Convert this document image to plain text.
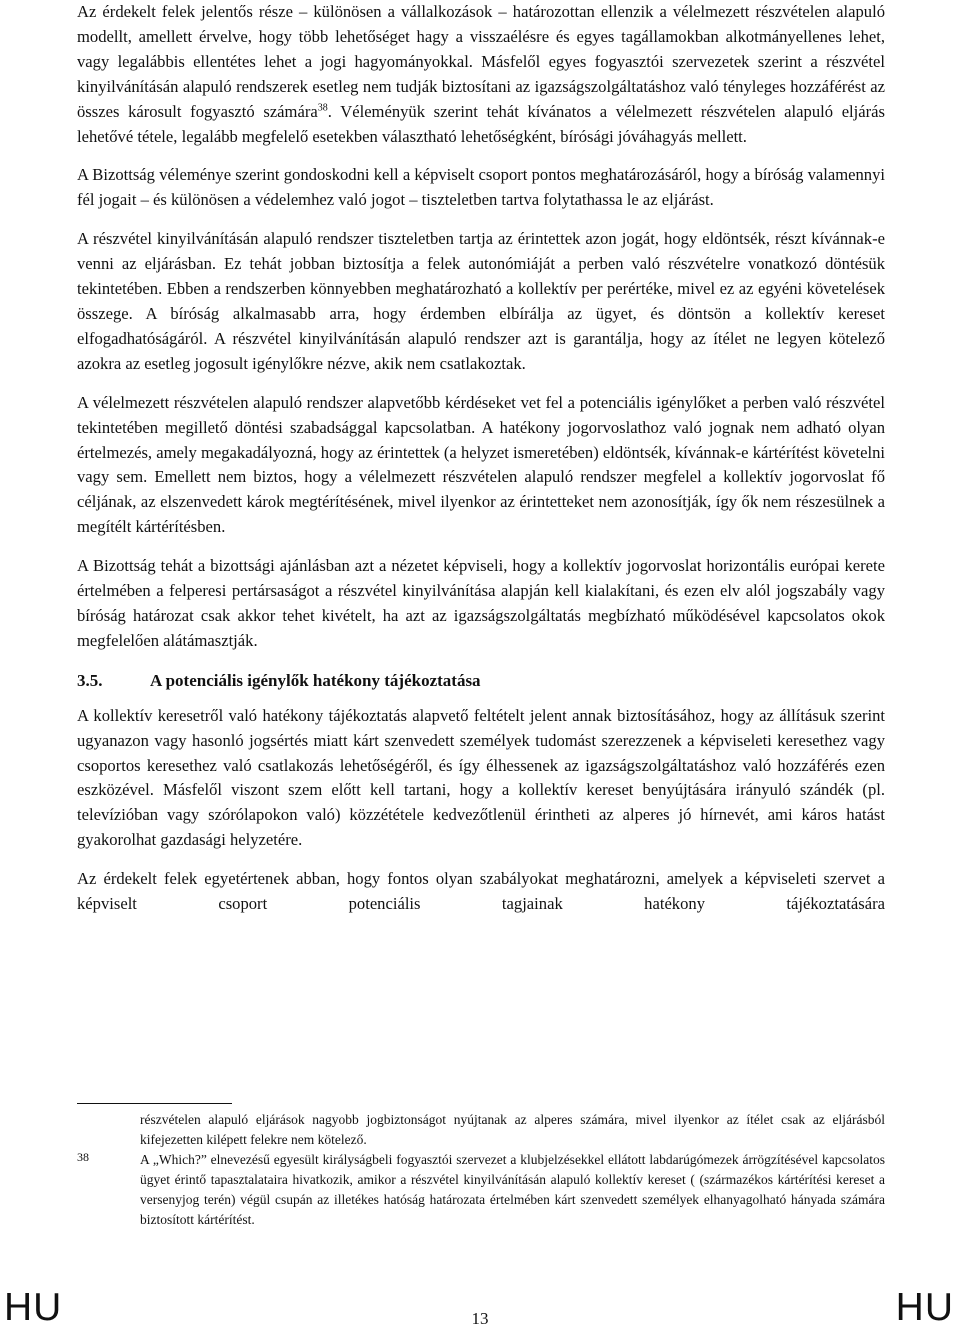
Az érdekelt felek jelentős része – különösen a vállalkozások – határozottan ellenzik a vélelmezett részvételen alapuló modellt, amellett érvelve, hogy több lehetőséget hagy a visszaélésre és egyes tagállamokban alkotmányellenes lehet, vagy legalábbis ellentétes lehet a jogi hagyományokkal. Másfelől egyes fogyasztói szervezetek szerint a részvétel kinyilvánításán alapuló rendszerek esetleg nem tudják biztosítani az igazságszolgáltatáshoz való tényleges hozzáférést az összes károsult fogyasztó számára$^{38}$. Véleményük szerint tehát kívánatos a vélelmezett részvételen alapuló eljárás lehetővé tétele, legalább megfelelő esetekben választható lehetőségként, bírósági jóváhagyás mellett.

A Bizottság véleménye szerint gondoskodni kell a képviselt csoport pontos meghatározásáról, hogy a bíróság valamennyi fél jogait – és különösen a védelemhez való jogot – tiszteletben tartva folytathassa le az eljárást.

A részvétel kinyilvánításán alapuló rendszer tiszteletben tartja az érintettek azon jogát, hogy eldöntsék, részt kívánnak-e venni az eljárásban. Ez tehát jobban biztosítja a felek autonómiáját a perben való részvételre vonatkozó döntésük tekintetében. Ebben a rendszerben könnyebben meghatározható a kollektív per perértéke, mivel ez az egyéni követelések összege. A bíróság alkalmasabb arra, hogy érdemben elbírálja az ügyet, és döntsön a kollektív kereset elfogadhatóságáról. A részvétel kinyilvánításán alapuló rendszer azt is garantálja, hogy az ítélet ne legyen kötelező azokra az esetleg jogosult igénylőkre nézve, akik nem csatlakoztak.

A vélelmezett részvételen alapuló rendszer alapvetőbb kérdéseket vet fel a potenciális igénylőket a perben való részvétel tekintetében megillető döntési szabadsággal kapcsolatban. A hatékony jogorvoslathoz való jognak nem adható olyan értelmezés, amely megakadályozná, hogy az érintettek (a helyzet ismeretében) eldöntsék, kívánnak-e kártérítést követelni vagy sem. Emellett nem biztos, hogy a vélelmezett részvételen alapuló rendszer megfelel a kollektív jogorvoslat fő céljának, az elszenvedett károk megtérítésének, mivel ilyenkor az érintetteket nem azonosítják, így ők nem részesülnek a megítélt kártérítésben.

A Bizottság tehát a bizottsági ajánlásban azt a nézetet képviseli, hogy a kollektív jogorvoslat horizontális európai kerete értelmében a felperesi pertársaságot a részvétel kinyilvánítása alapján kell kialakítani, és ezen elv alól jogszabály vagy bíróság határozat csak akkor tehet kivételt, ha azt az igazságszolgáltatás megbízható működésével kapcsolatos okok megfelelően alátámasztják.

3.5.	A potenciális igénylők hatékony tájékoztatása

A kollektív keresetről való hatékony tájékoztatás alapvető feltételt jelent annak biztosításához, hogy az állításuk szerint ugyanazon vagy hasonló jogsértés miatt kárt szenvedett személyek tudomást szerezzenek a képviseleti keresethez vagy csoportos keresethez való csatlakozás lehetőségéről, és így élhessenek az igazságszolgáltatáshoz való hozzáférés ezen eszközével. Másfelől viszont szem előtt kell tartani, hogy a kollektív kereset benyújtására irányuló szándék (pl. televízióban vagy szórólapokon való) közzététele kedvezőtlenül érintheti az alperes jó hírnevét, ami káros hatást gyakorolhat gazdasági helyzetére.

Az érdekelt felek egyetértenek abban, hogy fontos olyan szabályokat meghatározni, amelyek a képviseleti szervet a képviselt csoport potenciális tagjainak hatékony tájékoztatására

38

részvételen alapuló eljárások nagyobb jogbiztonságot nyújtanak az alperes számára, mivel ilyenkor az ítélet csak az eljárásból kifejezetten kilépett felekre nem kötelező.

A „Which?” elnevezésű egyesült királyságbeli fogyasztói szervezet a klubjelzésekkel ellátott labdarúgómezek árrögzítésével kapcsolatos ügyet érintő tapasztalataira hivatkozik, amikor a részvétel kinyilvánításán alapuló kollektív kereset ( (származékos kártérítési kereset a versenyjog terén) végül csupán az illetékes hatóság határozata értelmében kárt szenvedett személyek elhanyagolható hányada számára biztosított kártérítést.

HU	13	HU
